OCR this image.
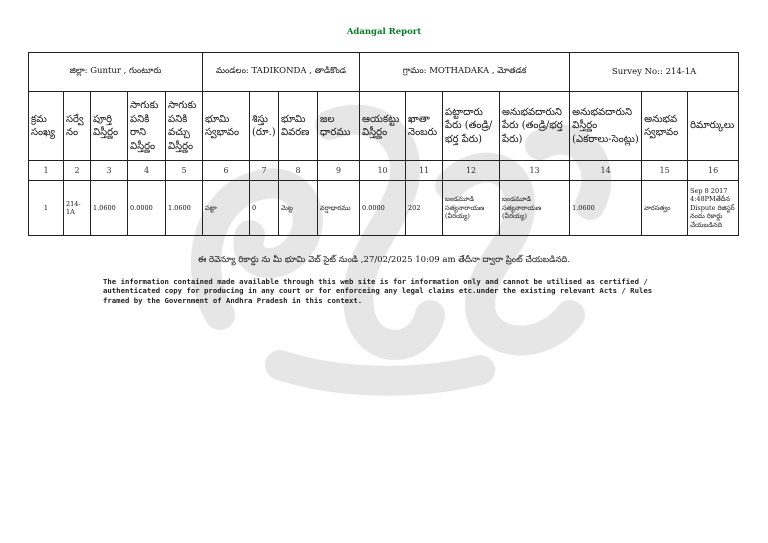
Adangal Report
జిల్లా: Guntur , గుంటూరు					మండలం: TADIKONDA , తాడికొండ				గ్రామం: MOTHADAKA , మోతడక				Survey No:: 214-1A		
క్రమ సంఖ్య	సర్వే నం	పూర్తి విస్తీర్ణం	సాగుకు పనికి రాని విస్తీర్ణం	సాగుకు పనికి వచ్చు విస్తీర్ణం	భూమి స్వభావం	శిస్తు (రూ.)	భూమి వివరణ	జల ధారము	ఆయకట్టు విస్తీర్ణం	ఖాతా నెంబరు	పట్టాదారు పేరు (తండ్రి/ భర్త పేరు)	అనుభవదారుని పేరు (తండ్రి/భర్త పేరు)	అనుభవదారుని విస్తీర్ణం (ఎకరాలు-సెంట్లు)	అనుభవ స్వభావం	రిమార్కులు
1	2	3	4	5	6	7	8	9	10	11	12	13	14	15	16
1	214-1A	1.0600	0.0000	1.0600	పట్టా	0	మెట్ట	వర్షాధారము	0.0000	202	బండమూడి సత్యనారాయణ (వీరయ్య)	బండమూడి సత్యనారాయణ (వీరయ్య)	1.0600	వారసత్వం	Sep 8 2017 4:48PMతేదీన Dispute రిజిస్టర్ నందు రికార్డు చేయబడినది
ఈ రెవెన్యూ రికార్డు ను మీ భూమి వెబ్ సైట్ నుండి ,27/02/2025 10:09 am తేదీనా ద్వారా ప్రింట్ చేయబడినది.
The information contained made available through this web site is for information only and cannot be utilised as certified / authenticated copy for producing in any court or for enforceing any legal claims etc.under the existing relevant Acts / Rules framed by the Government of Andhra Pradesh in this context.
